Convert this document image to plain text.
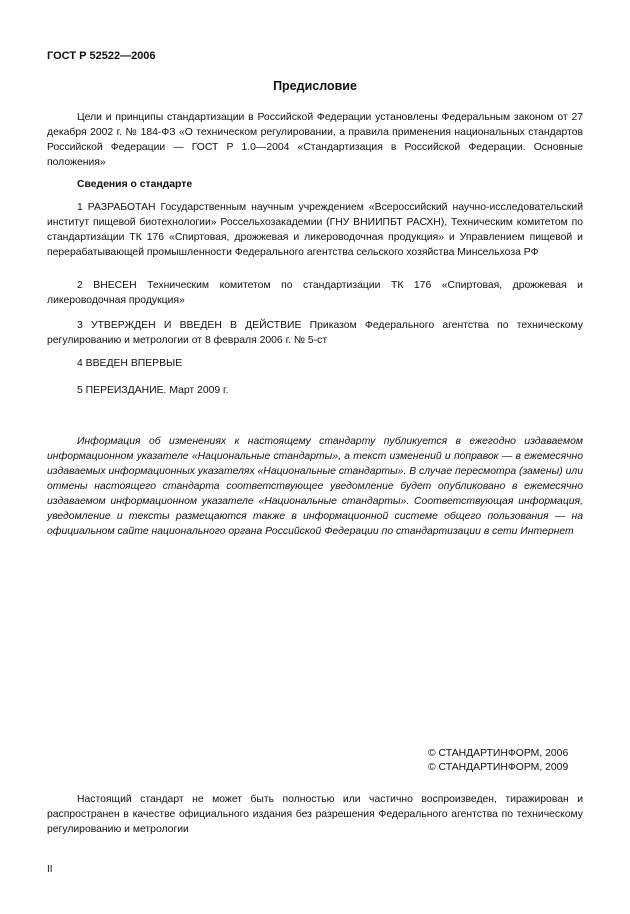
ГОСТ Р 52522—2006
Предисловие
Цели и принципы стандартизации в Российской Федерации установлены Федеральным законом от 27 декабря 2002 г. № 184-ФЗ «О техническом регулировании, а правила применения национальных стандартов Российской Федерации — ГОСТ Р 1.0—2004 «Стандартизация в Российской Федерации. Основные положения»
Сведения о стандарте
1 РАЗРАБОТАН Государственным научным учреждением «Всероссийский научно-исследовательский институт пищевой биотехнологии» Россельхозакадемии (ГНУ ВНИИПБТ РАСХН), Техническим комитетом по стандартизации ТК 176 «Спиртовая, дрожжевая и ликероводочная продукция» и Управлением пищевой и перерабатывающей промышленности Федерального агентства сельского хозяйства Минсельхоза РФ
2 ВНЕСЕН Техническим комитетом по стандартизации ТК 176 «Спиртовая, дрожжевая и ликероводочная продукция»
3 УТВЕРЖДЕН И ВВЕДЕН В ДЕЙСТВИЕ Приказом Федерального агентства по техническому регулированию и метрологии от 8 февраля 2006 г. № 5-ст
4 ВВЕДЕН ВПЕРВЫЕ
5 ПЕРЕИЗДАНИЕ. Март 2009 г.
Информация об изменениях к настоящему стандарту публикуется в ежегодно издаваемом информационном указателе «Национальные стандарты», а текст изменений и поправок — в ежемесячно издаваемых информационных указателях «Национальные стандарты». В случае пересмотра (замены) или отмены настоящего стандарта соответствующее уведомление будет опубликовано в ежемесячно издаваемом информационном указателе «Национальные стандарты». Соответствующая информация, уведомление и тексты размещаются также в информационной системе общего пользования — на официальном сайте национального органа Российской Федерации по стандартизации в сети Интернет
© СТАНДАРТИНФОРМ, 2006
© СТАНДАРТИНФОРМ, 2009
Настоящий стандарт не может быть полностью или частично воспроизведен, тиражирован и распространен в качестве официального издания без разрешения Федерального агентства по техническому регулированию и метрологии
II
